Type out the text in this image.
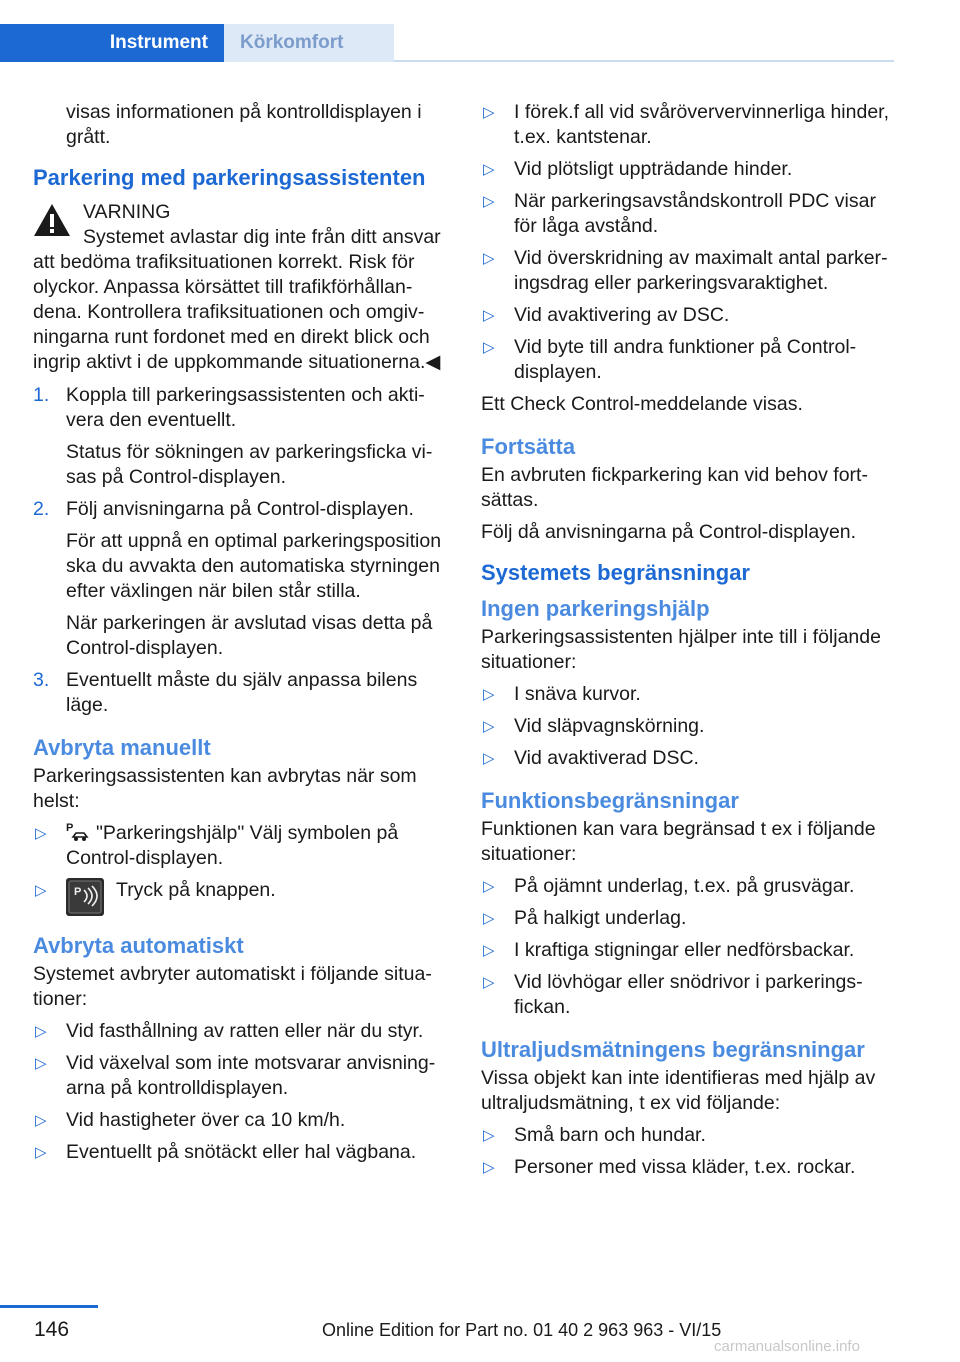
Instrument	Körkomfort

visas informationen på kontrolldisplayen i grått.

Parkering med parkeringsassistenten
VARNING

Systemet avlastar dig inte från ditt ansvar att bedöma trafiksituationen korrekt. Risk för olyckor. Anpassa körsättet till trafikförhållandena. Kontrollera trafiksituationen och omgivningarna runt fordonet med en direkt blick och ingrip aktivt i de uppkommande situationerna.◀

1. Koppla till parkeringsassistenten och aktivera den eventuellt.
Status för sökningen av parkeringsficka visas på Control-displayen.
2. Följ anvisningarna på Control-displayen.
För att uppnå en optimal parkeringsposition ska du avvakta den automatiska styrningen efter växlingen när bilen står stilla.
När parkeringen är avslutad visas detta på Control-displayen.
3. Eventuellt måste du själv anpassa bilens läge.
Avbryta manuellt

Parkeringsassistenten kan avbrytas när som helst:

▷ P "Parkeringshjälp" Välj symbolen på Control-displayen.
▷ P Tryck på knappen.
Avbryta automatiskt

Systemet avbryter automatiskt i följande situationer:

▷ Vid fasthållning av ratten eller när du styr.
▷ Vid växelval som inte motsvarar anvisningarna på kontrolldisplayen.
▷ Vid hastigheter över ca 10 km/h.
▷ Eventuellt på snötäckt eller hal vägbana.
▷ I förek.f all vid svåröververvinnerliga hinder, t.ex. kantstenar.
▷ Vid plötsligt uppträdande hinder.
▷ När parkeringsavståndskontroll PDC visar för låga avstånd.
▷ Vid överskridning av maximalt antal parkeringsdrag eller parkeringsvaraktighet.
▷ Vid avaktivering av DSC.
▷ Vid byte till andra funktioner på Control-displayen.

Ett Check Control-meddelande visas.

Fortsätta

En avbruten fickparkering kan vid behov fortsättas.

Följ då anvisningarna på Control-displayen.

Systemets begränsningar
Ingen parkeringshjälp

Parkeringsassistenten hjälper inte till i följande situationer:

▷ I snäva kurvor.
▷ Vid släpvagnskörning.
▷ Vid avaktiverad DSC.
Funktionsbegränsningar

Funktionen kan vara begränsad t ex i följande situationer:

▷ På ojämnt underlag, t.ex. på grusvägar.
▷ På halkigt underlag.
▷ I kraftiga stigningar eller nedförsbackar.
▷ Vid lövhögar eller snödrivor i parkeringsfickan.
Ultraljudsmätningens begränsningar

Vissa objekt kan inte identifieras med hjälp av ultraljudsmätning, t ex vid följande:

▷ Små barn och hundar.
▷ Personer med vissa kläder, t.ex. rockar.
146	Online Edition for Part no. 01 40 2 963 963 - VI/15
carmanualsonline.info
